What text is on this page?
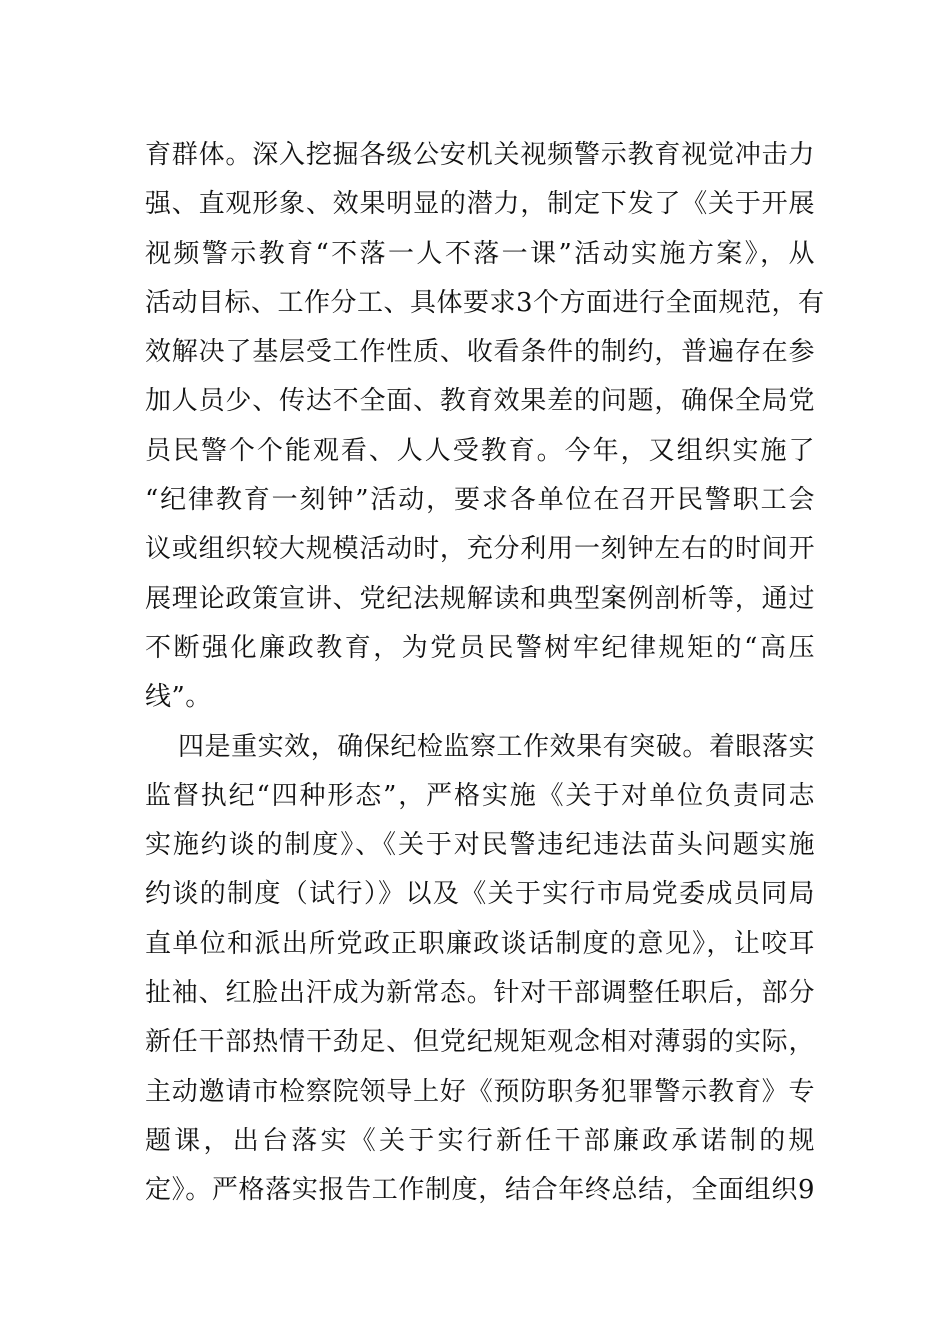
育群体。深入挖掘各级公安机关视频警示教育视觉冲击力
强、直观形象、效果明显的潜力，制定下发了《关于开展
视频警示教育“不落一人不落一课”活动实施方案》，从
活动目标、工作分工、具体要求3个方面进行全面规范，有
效解决了基层受工作性质、收看条件的制约，普遍存在参
加人员少、传达不全面、教育效果差的问题，确保全局党
员民警个个能观看、人人受教育。今年，又组织实施了
“纪律教育一刻钟”活动，要求各单位在召开民警职工会
议或组织较大规模活动时，充分利用一刻钟左右的时间开
展理论政策宣讲、党纪法规解读和典型案例剖析等，通过
不断强化廉政教育，为党员民警树牢纪律规矩的“高压
线”。
四是重实效，确保纪检监察工作效果有突破。着眼落实
监督执纪“四种形态”，严格实施《关于对单位负责同志
实施约谈的制度》、《关于对民警违纪违法苗头问题实施
约谈的制度（试行）》以及《关于实行市局党委成员同局
直单位和派出所党政正职廉政谈话制度的意见》，让咬耳
扯袖、红脸出汗成为新常态。针对干部调整任职后，部分
新任干部热情干劲足、但党纪规矩观念相对薄弱的实际，
主动邀请市检察院领导上好《预防职务犯罪警示教育》专
题课，出台落实《关于实行新任干部廉政承诺制的规
定》。严格落实报告工作制度，结合年终总结，全面组织9
